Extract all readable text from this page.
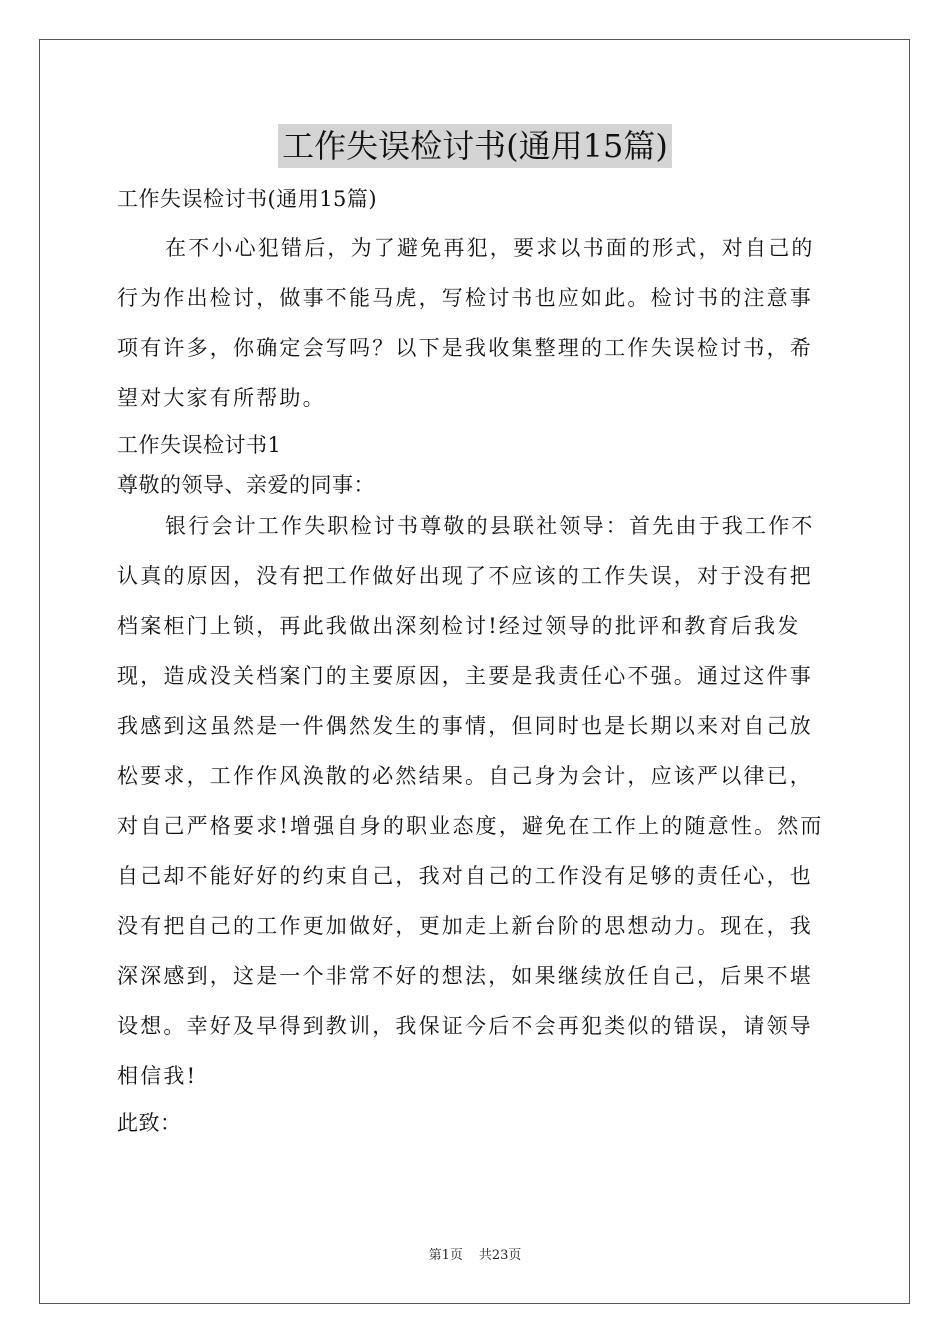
工作失误检讨书(通用15篇)

工作失误检讨书(通用15篇)

在不小心犯错后，为了避免再犯，要求以书面的形式，对自己的行为作出检讨，做事不能马虎，写检讨书也应如此。检讨书的注意事项有许多，你确定会写吗？以下是我收集整理的工作失误检讨书，希望对大家有所帮助。

工作失误检讨书1

尊敬的领导、亲爱的同事：

银行会计工作失职检讨书尊敬的县联社领导：首先由于我工作不认真的原因，没有把工作做好出现了不应该的工作失误，对于没有把档案柜门上锁，再此我做出深刻检讨!经过领导的批评和教育后我发现，造成没关档案门的主要原因，主要是我责任心不强。通过这件事我感到这虽然是一件偶然发生的事情，但同时也是长期以来对自己放松要求，工作作风涣散的必然结果。自己身为会计，应该严以律已，对自己严格要求!增强自身的职业态度，避免在工作上的随意性。然而自己却不能好好的约束自己，我对自己的工作没有足够的责任心，也没有把自己的工作更加做好，更加走上新台阶的思想动力。现在，我深深感到，这是一个非常不好的想法，如果继续放任自己，后果不堪设想。幸好及早得到教训，我保证今后不会再犯类似的错误，请领导相信我!

此致：

第1页 共23页
